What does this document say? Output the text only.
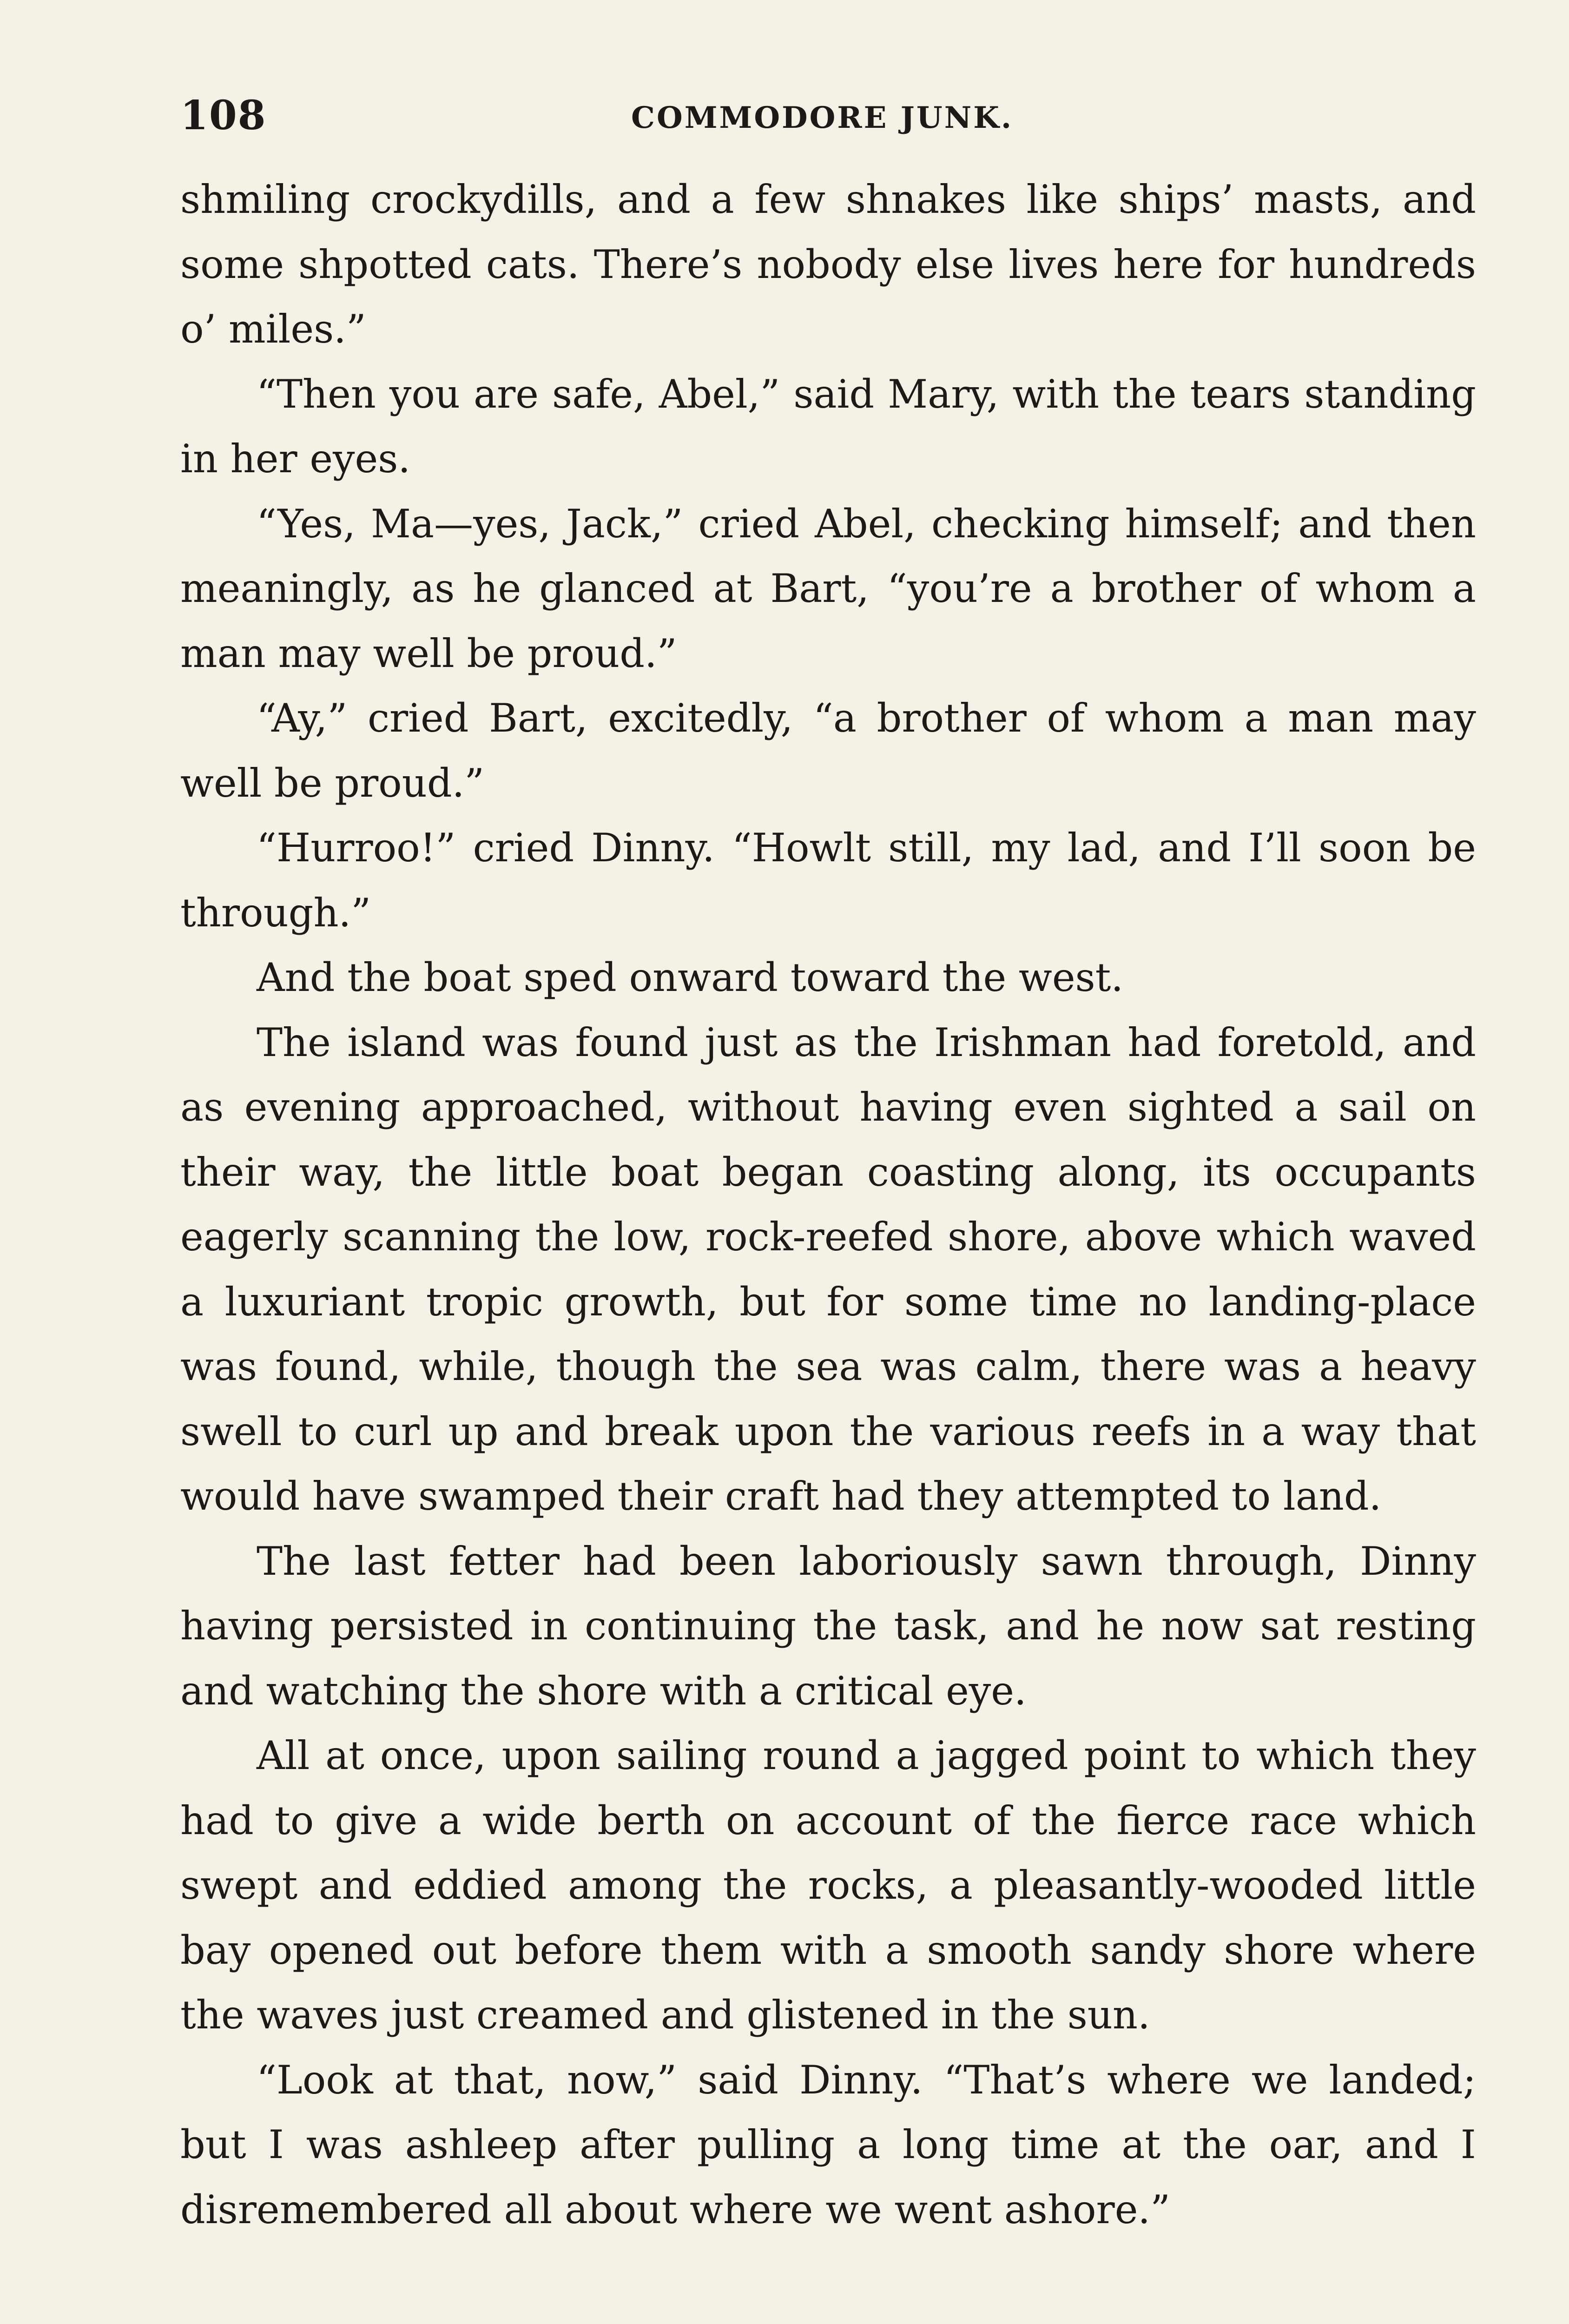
108	COMMODORE JUNK.

shmiling crockydills, and a few shnakes like ships’ masts, and some shpotted cats. There’s nobody else lives here for hundreds o’ miles.”

“Then you are safe, Abel,” said Mary, with the tears standing in her eyes.

“Yes, Ma—yes, Jack,” cried Abel, checking himself; and then meaningly, as he glanced at Bart, “you’re a brother of whom a man may well be proud.”

“Ay,” cried Bart, excitedly, “a brother of whom a man may well be proud.”

“Hurroo!” cried Dinny. “Howlt still, my lad, and I’ll soon be through.”

And the boat sped onward toward the west.

The island was found just as the Irishman had foretold, and as evening approached, without having even sighted a sail on their way, the little boat began coasting along, its occupants eagerly scanning the low, rock-reefed shore, above which waved a luxuriant tropic growth, but for some time no landing-place was found, while, though the sea was calm, there was a heavy swell to curl up and break upon the various reefs in a way that would have swamped their craft had they attempted to land.

The last fetter had been laboriously sawn through, Dinny having persisted in continuing the task, and he now sat resting and watching the shore with a critical eye.

All at once, upon sailing round a jagged point to which they had to give a wide berth on account of the fierce race which swept and eddied among the rocks, a pleasantly-wooded little bay opened out before them with a smooth sandy shore where the waves just creamed and glistened in the sun.

“Look at that, now,” said Dinny. “That’s where we landed; but I was ashleep after pulling a long time at the oar, and I disremembered all about where we went ashore.”
